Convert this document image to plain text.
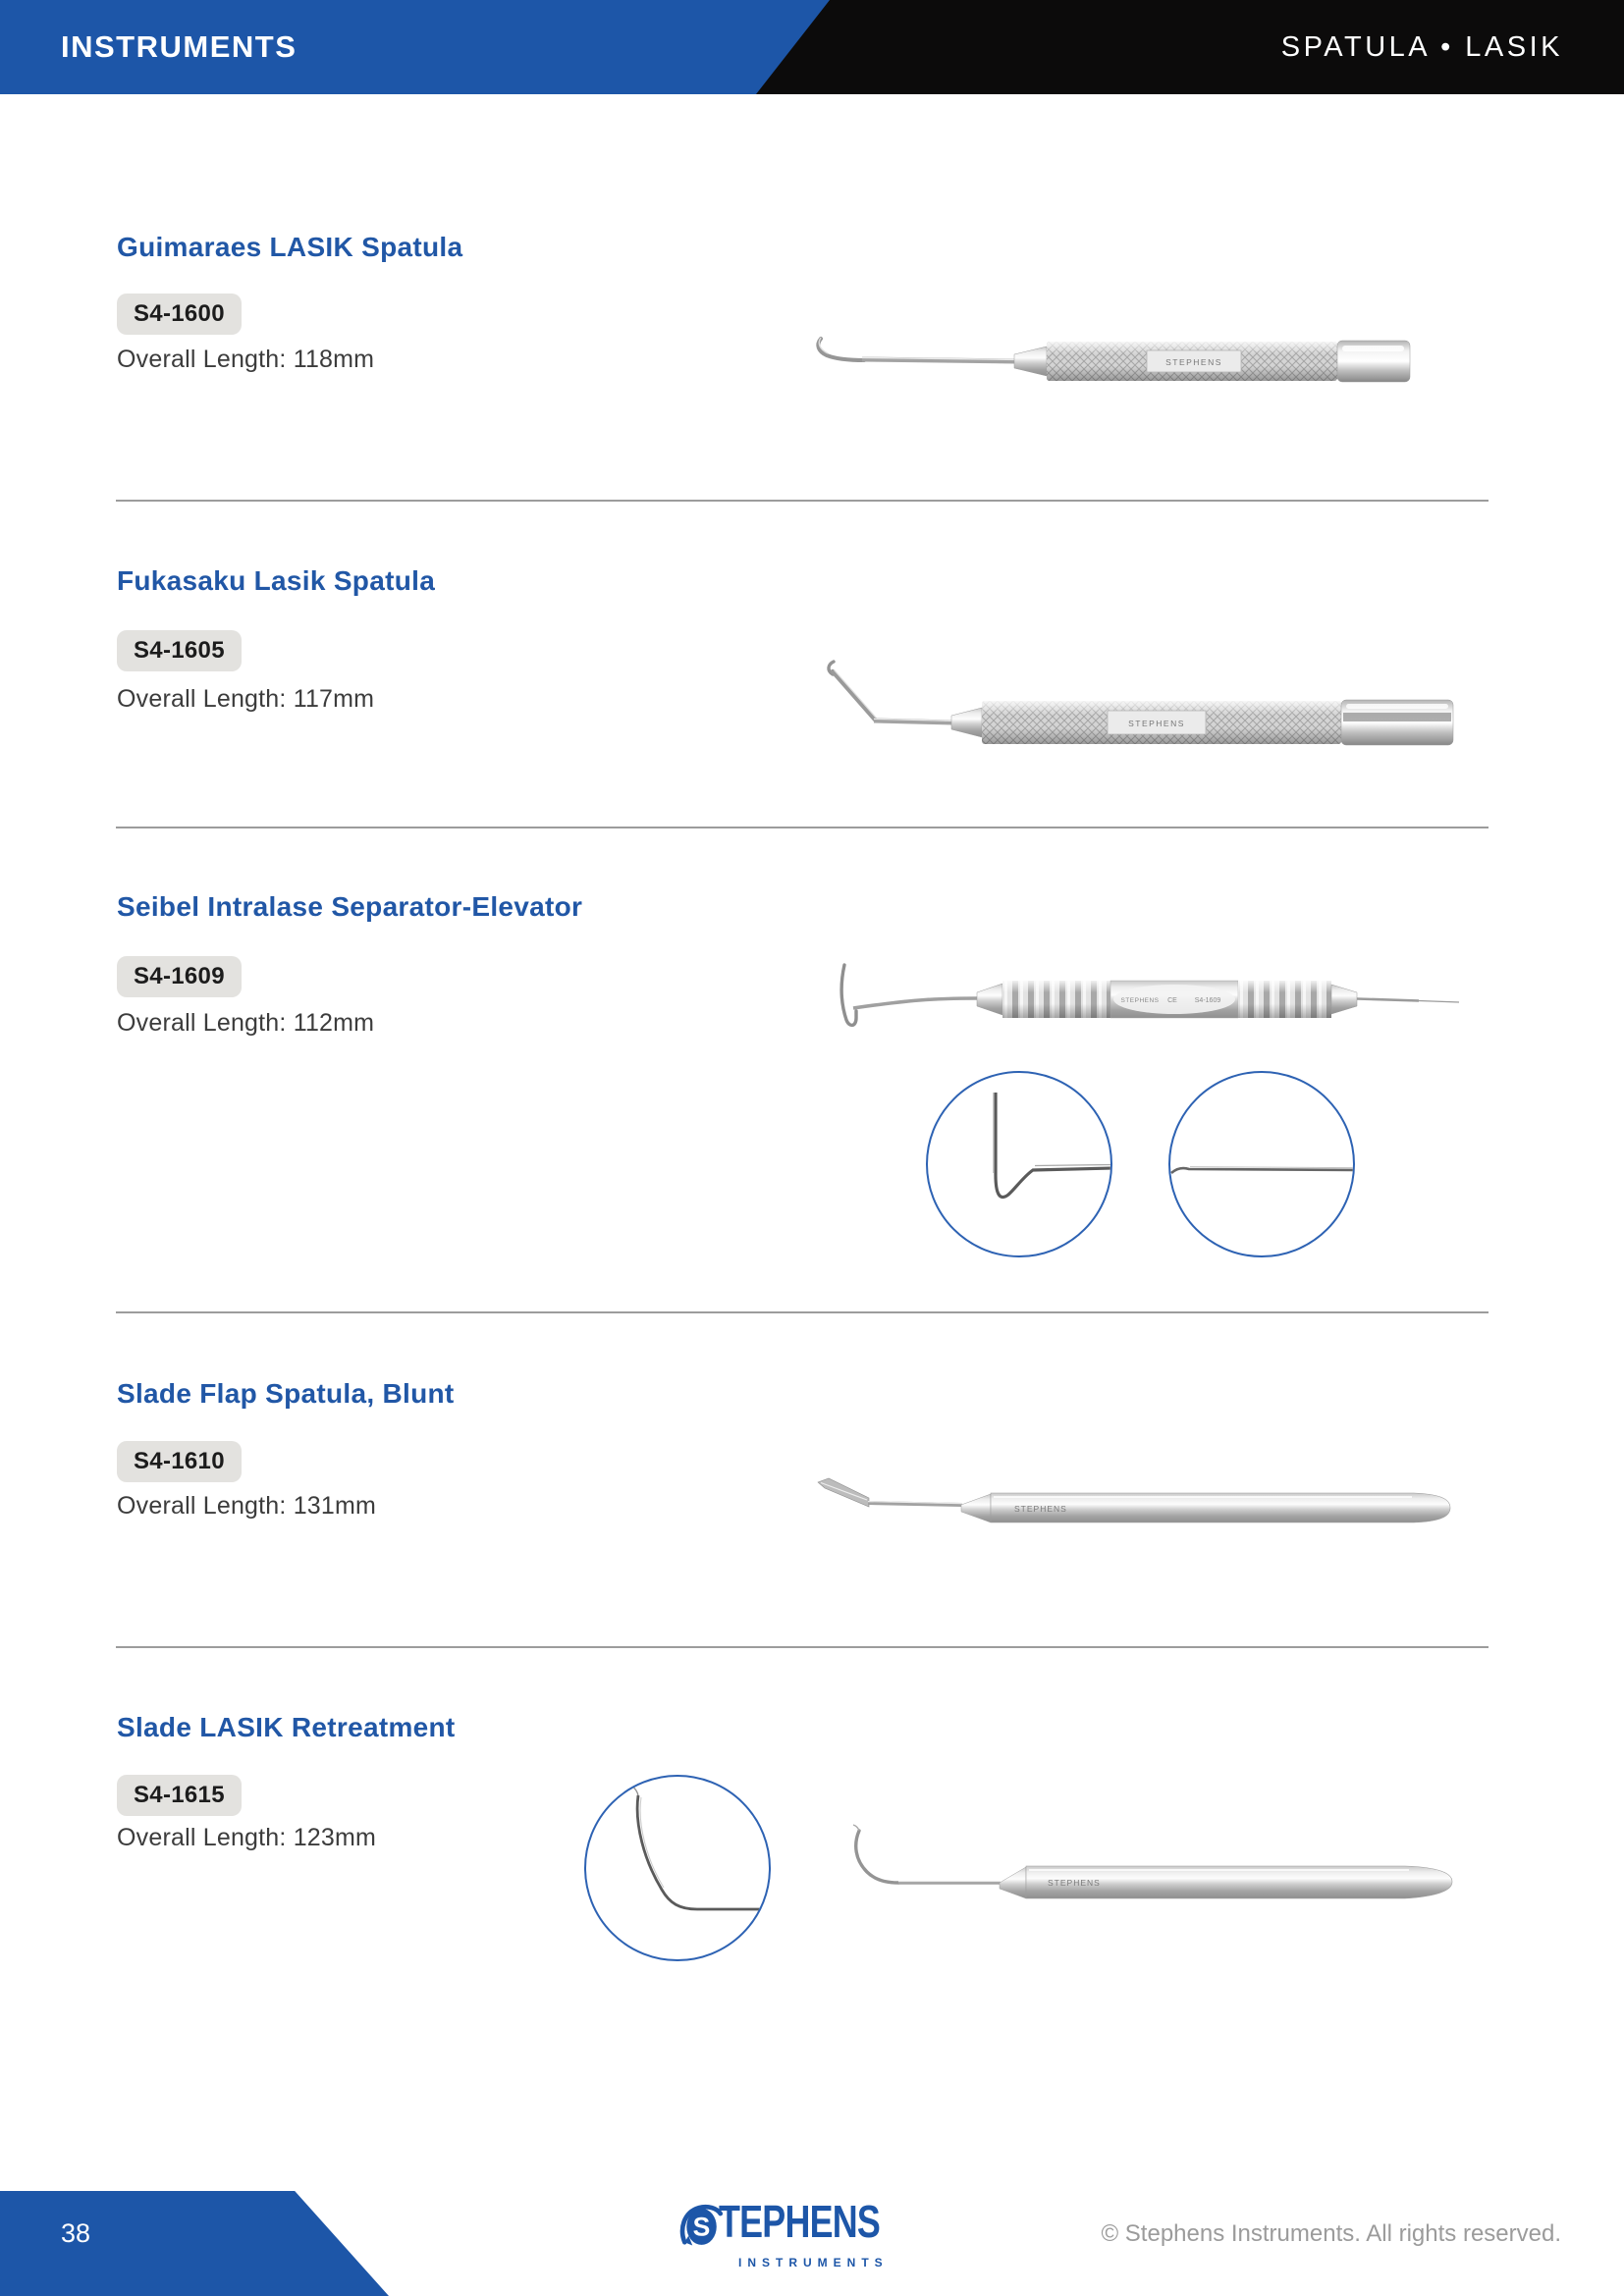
INSTRUMENTS	SPATULA • LASIK
Guimaraes LASIK Spatula
S4-1600
Overall Length: 118mm	STEPHENS
Fukasaku Lasik Spatula
S4-1605
Overall Length: 117mm
STEPHENS
Seibel Intralase Separator-Elevator
S4-1609
Overall Length: 112mm
STEPHENS CE	S4-1609
Slade Flap Spatula, Blunt
S4-1610
Overall Length: 131mm	STEPHENS
Slade LASIK Retreatment
S4-1615
Overall Length: 123mm
STEPHENS
38	S TEPHENS
INSTRUMENTS
© Stephens Instruments. All rights reserved.
